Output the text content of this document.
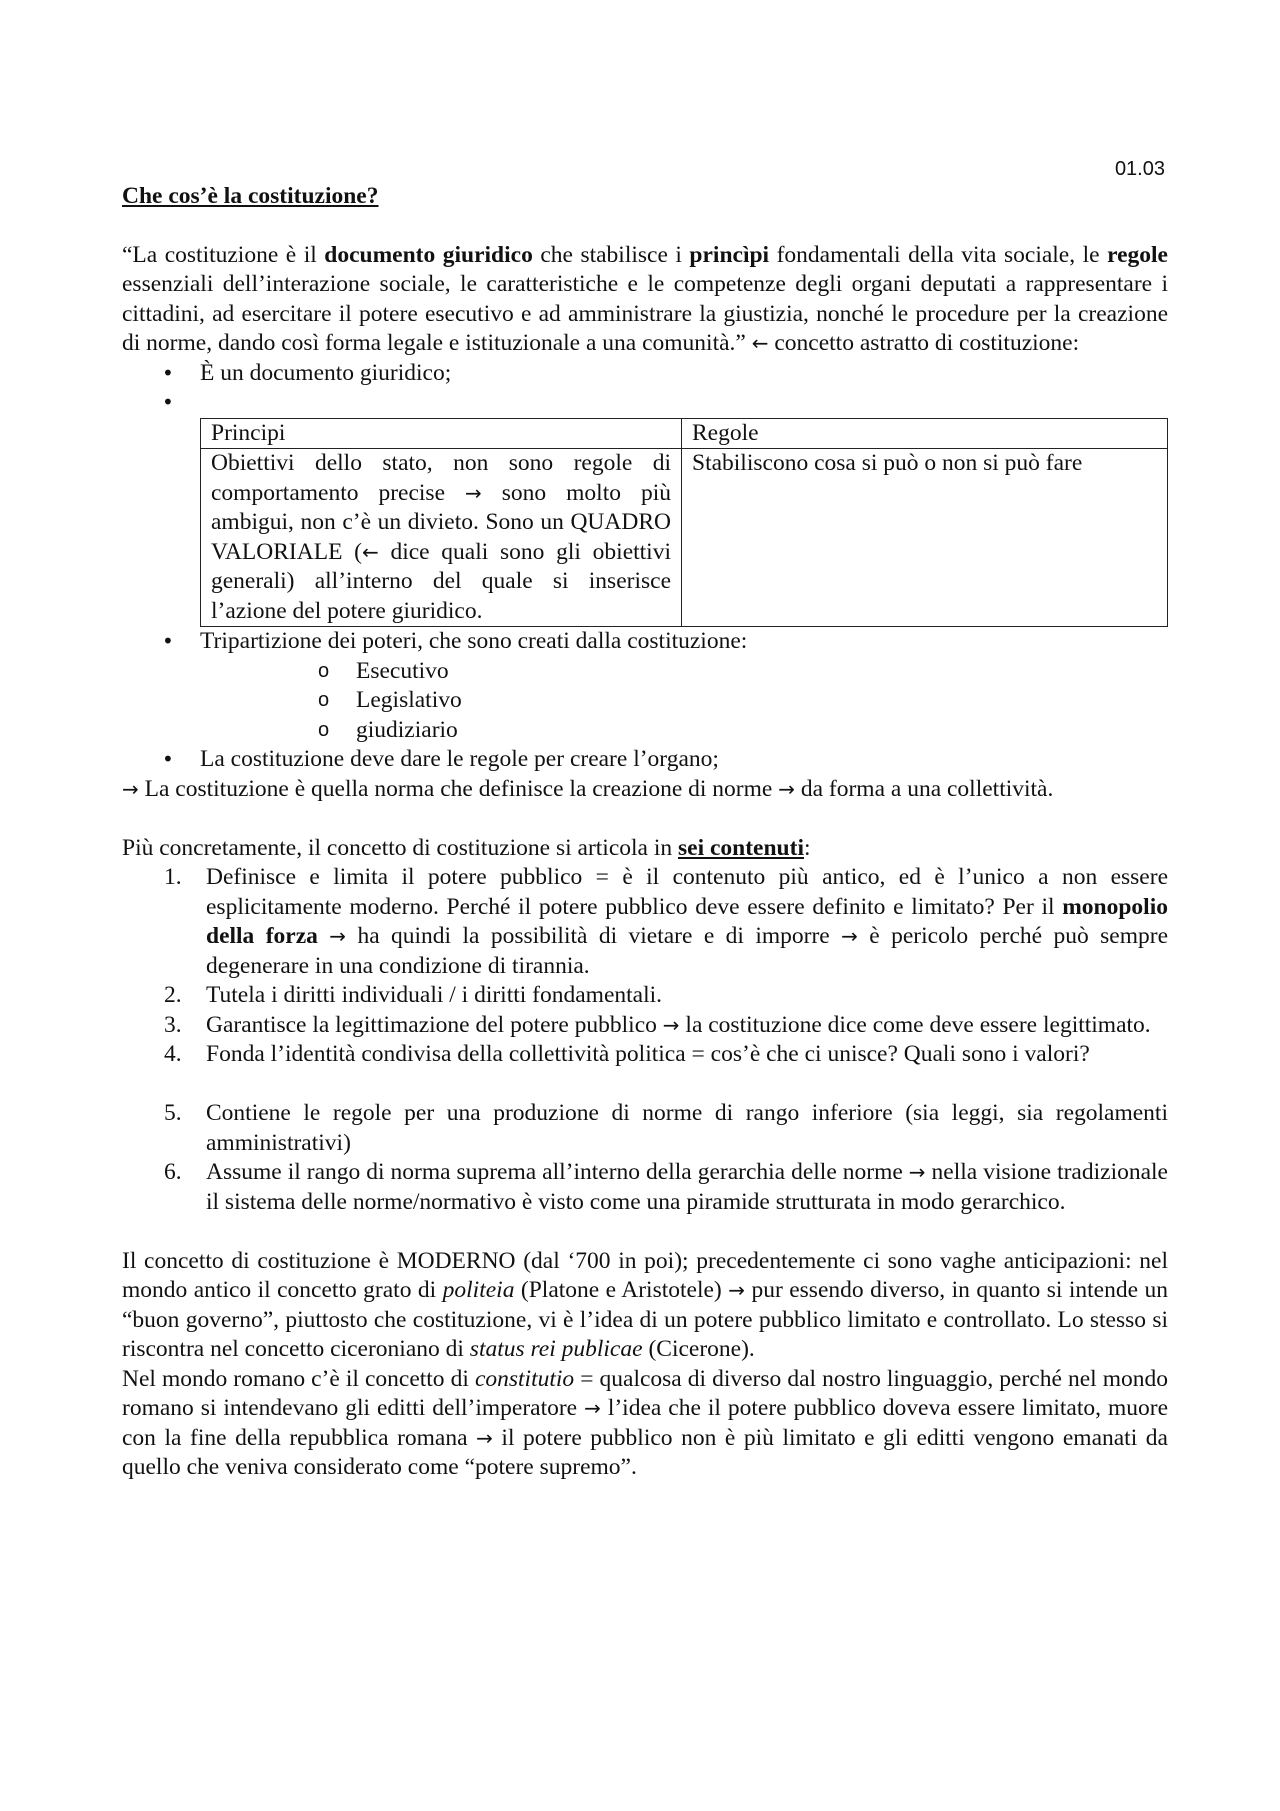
01.03
Che cos’è la costituzione?

“La costituzione è il documento giuridico che stabilisce i princìpi fondamentali della vita sociale, le regole essenziali dell’interazione sociale, le caratteristiche e le competenze degli organi deputati a rappresentare i cittadini, ad esercitare il potere esecutivo e ad amministrare la giustizia, nonché le procedure per la creazione di norme, dando così forma legale e istituzionale a una comunità.” ← concetto astratto di costituzione:

• È un documento giuridico;
•
Principi	Regole
Obiettivi dello stato, non sono regole di comportamento precise → sono molto più ambigui, non c’è un divieto. Sono un QUADRO VALORIALE (← dice quali sono gli obiettivi generali) all’interno del quale si inserisce l’azione del potere giuridico.	Stabiliscono cosa si può o non si può fare
• Tripartizione dei poteri, che sono creati dalla costituzione:
o Esecutivo
o Legislativo
o giudiziario
• La costituzione deve dare le regole per creare l’organo;

→ La costituzione è quella norma che definisce la creazione di norme → da forma a una collettività.

Più concretamente, il concetto di costituzione si articola in sei contenuti:

1. Definisce e limita il potere pubblico = è il contenuto più antico, ed è l’unico a non essere esplicitamente moderno. Perché il potere pubblico deve essere definito e limitato? Per il monopolio della forza → ha quindi la possibilità di vietare e di imporre → è pericolo perché può sempre degenerare in una condizione di tirannia.
2. Tutela i diritti individuali / i diritti fondamentali.
3. Garantisce la legittimazione del potere pubblico → la costituzione dice come deve essere legittimato.
4. Fonda l’identità condivisa della collettività politica = cos’è che ci unisce? Quali sono i valori?
5. Contiene le regole per una produzione di norme di rango inferiore (sia leggi, sia regolamenti amministrativi)
6. Assume il rango di norma suprema all’interno della gerarchia delle norme → nella visione tradizionale il sistema delle norme/normativo è visto come una piramide strutturata in modo gerarchico.

Il concetto di costituzione è MODERNO (dal ‘700 in poi); precedentemente ci sono vaghe anticipazioni: nel mondo antico il concetto grato di politeia (Platone e Aristotele) → pur essendo diverso, in quanto si intende un “buon governo”, piuttosto che costituzione, vi è l’idea di un potere pubblico limitato e controllato. Lo stesso si riscontra nel concetto ciceroniano di status rei publicae (Cicerone).

Nel mondo romano c’è il concetto di constitutio = qualcosa di diverso dal nostro linguaggio, perché nel mondo romano si intendevano gli editti dell’imperatore → l’idea che il potere pubblico doveva essere limitato, muore con la fine della repubblica romana → il potere pubblico non è più limitato e gli editti vengono emanati da quello che veniva considerato come “potere supremo”.
